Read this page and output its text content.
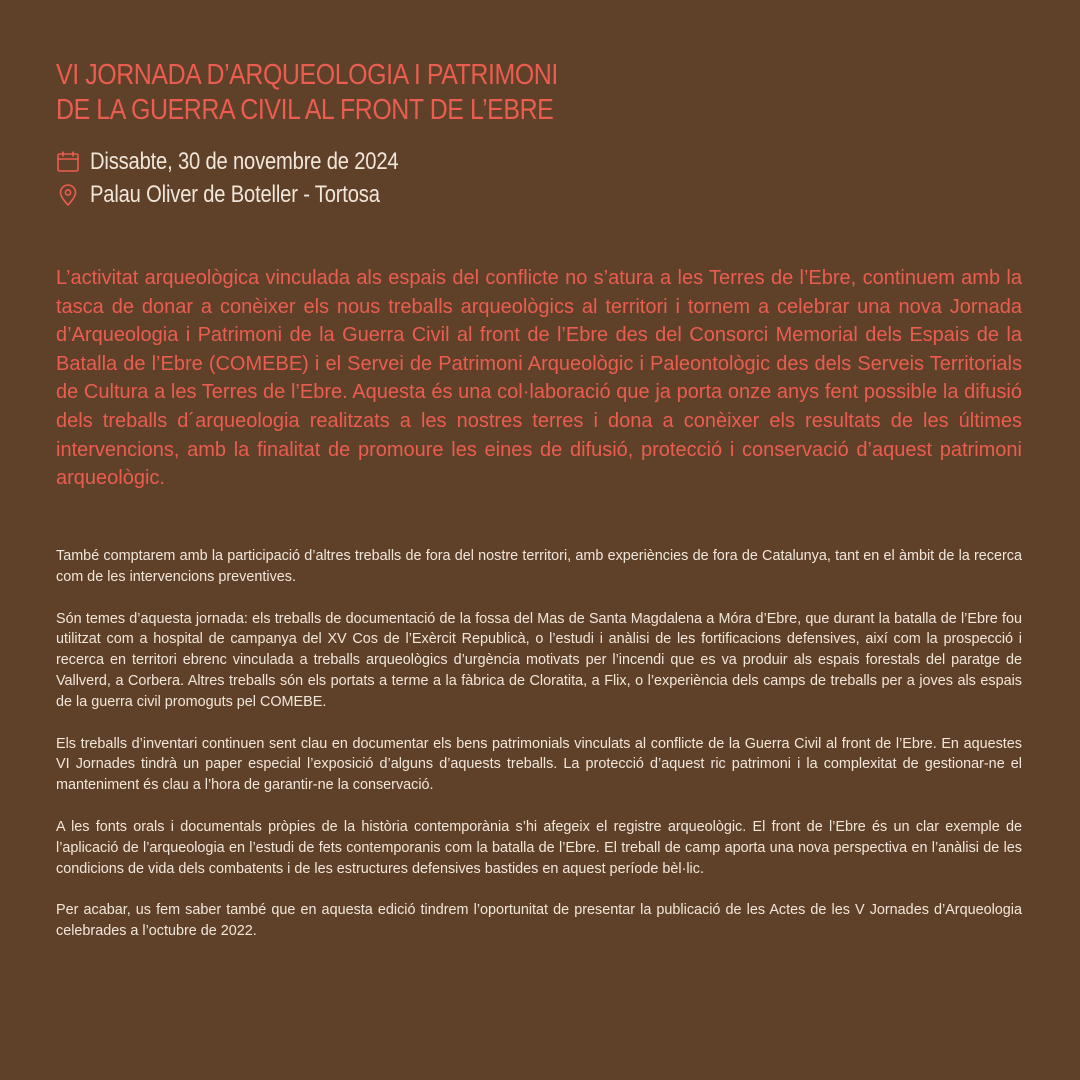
VI JORNADA D’ARQUEOLOGIA I PATRIMONI
DE LA GUERRA CIVIL AL FRONT DE L’EBRE
Dissabte, 30 de novembre de 2024
Palau Oliver de Boteller - Tortosa

L’activitat arqueològica vinculada als espais del conflicte no s’atura a les Terres de l’Ebre, continuem amb la tasca de donar a conèixer els nous treballs arqueològics al territori i tornem a celebrar una nova Jornada d’Arqueologia i Patrimoni de la Guerra Civil al front de l’Ebre des del Consorci Memorial dels Espais de la Batalla de l’Ebre (COMEBE) i el Servei de Patrimoni Arqueològic i Paleontològic des dels Serveis Territorials de Cultura a les Terres de l’Ebre. Aquesta és una col·laboració que ja porta onze anys fent possible la difusió dels treballs d´arqueologia realitzats a les nostres terres i dona a conèixer els resultats de les últimes intervencions, amb la finalitat de promoure les eines de difusió, protecció i conservació d’aquest patrimoni arqueològic.

També comptarem amb la participació d’altres treballs de fora del nostre territori, amb experiències de fora de Catalunya, tant en el àmbit de la recerca com de les intervencions preventives.

Són temes d’aquesta jornada: els treballs de documentació de la fossa del Mas de Santa Magdalena a Móra d’Ebre, que durant la batalla de l’Ebre fou utilitzat com a hospital de campanya del XV Cos de l’Exèrcit Republicà, o l’estudi i anàlisi de les fortificacions defensives, així com la prospecció i recerca en territori ebrenc vinculada a treballs arqueològics d’urgència motivats per l’incendi que es va produir als espais forestals del paratge de Vallverd, a Corbera. Altres treballs són els portats a terme a la fàbrica de Cloratita, a Flix, o l’experiència dels camps de treballs per a joves als espais de la guerra civil promoguts pel COMEBE.

Els treballs d’inventari continuen sent clau en documentar els bens patrimonials vinculats al conflicte de la Guerra Civil al front de l’Ebre. En aquestes VI Jornades tindrà un paper especial l’exposició d’alguns d’aquests treballs. La protecció d’aquest ric patrimoni i la complexitat de gestionar-ne el manteniment és clau a l’hora de garantir-ne la conservació.

A les fonts orals i documentals pròpies de la història contemporània s’hi afegeix el registre arqueològic. El front de l’Ebre és un clar exemple de l’aplicació de l’arqueologia en l’estudi de fets contemporanis com la batalla de l’Ebre. El treball de camp aporta una nova perspectiva en l’anàlisi de les condicions de vida dels combatents i de les estructures defensives bastides en aquest període bèl·lic.

Per acabar, us fem saber també que en aquesta edició tindrem l’oportunitat de presentar la publicació de les Actes de les V Jornades d’Arqueologia celebrades a l’octubre de 2022.
